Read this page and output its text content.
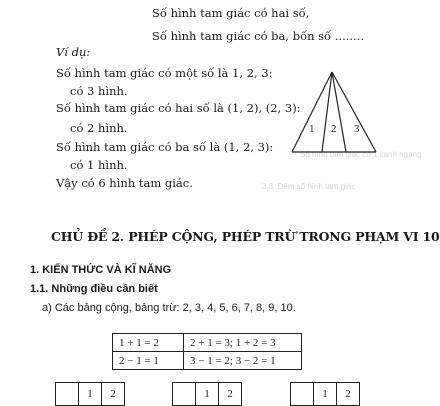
3.3. Đếm số hình tam giác
Số hình tam giác có 1 cạnh ngang
Số hình tam giác có hai số,
Số hình tam giác có ba, bốn số ........
Ví dụ:
Số hình tam giác có một số là 1, 2, 3:
có 3 hình.
Số hình tam giác có hai số là (1, 2), (2, 3):
có 2 hình.
Số hình tam giác có ba số là (1, 2, 3):
có 1 hình.
Vậy có 6 hình tam giác.
1 2 3
CHỦ ĐỀ 2. PHÉP CỘNG, PHÉP TRỪ TRONG PHẠM VI 10
1. KIẾN THỨC VÀ KĨ NĂNG
1.1. Những điều cần biết
a) Các bảng cộng, bảng trừ: 2, 3, 4, 5, 6, 7, 8, 9, 10.
1 + 1 = 2	2 + 1 = 3; 1 + 2 = 3
2 − 1 = 1	3 − 1 = 2; 3 − 2 = 1
	1	2
		1	2
		1	2
